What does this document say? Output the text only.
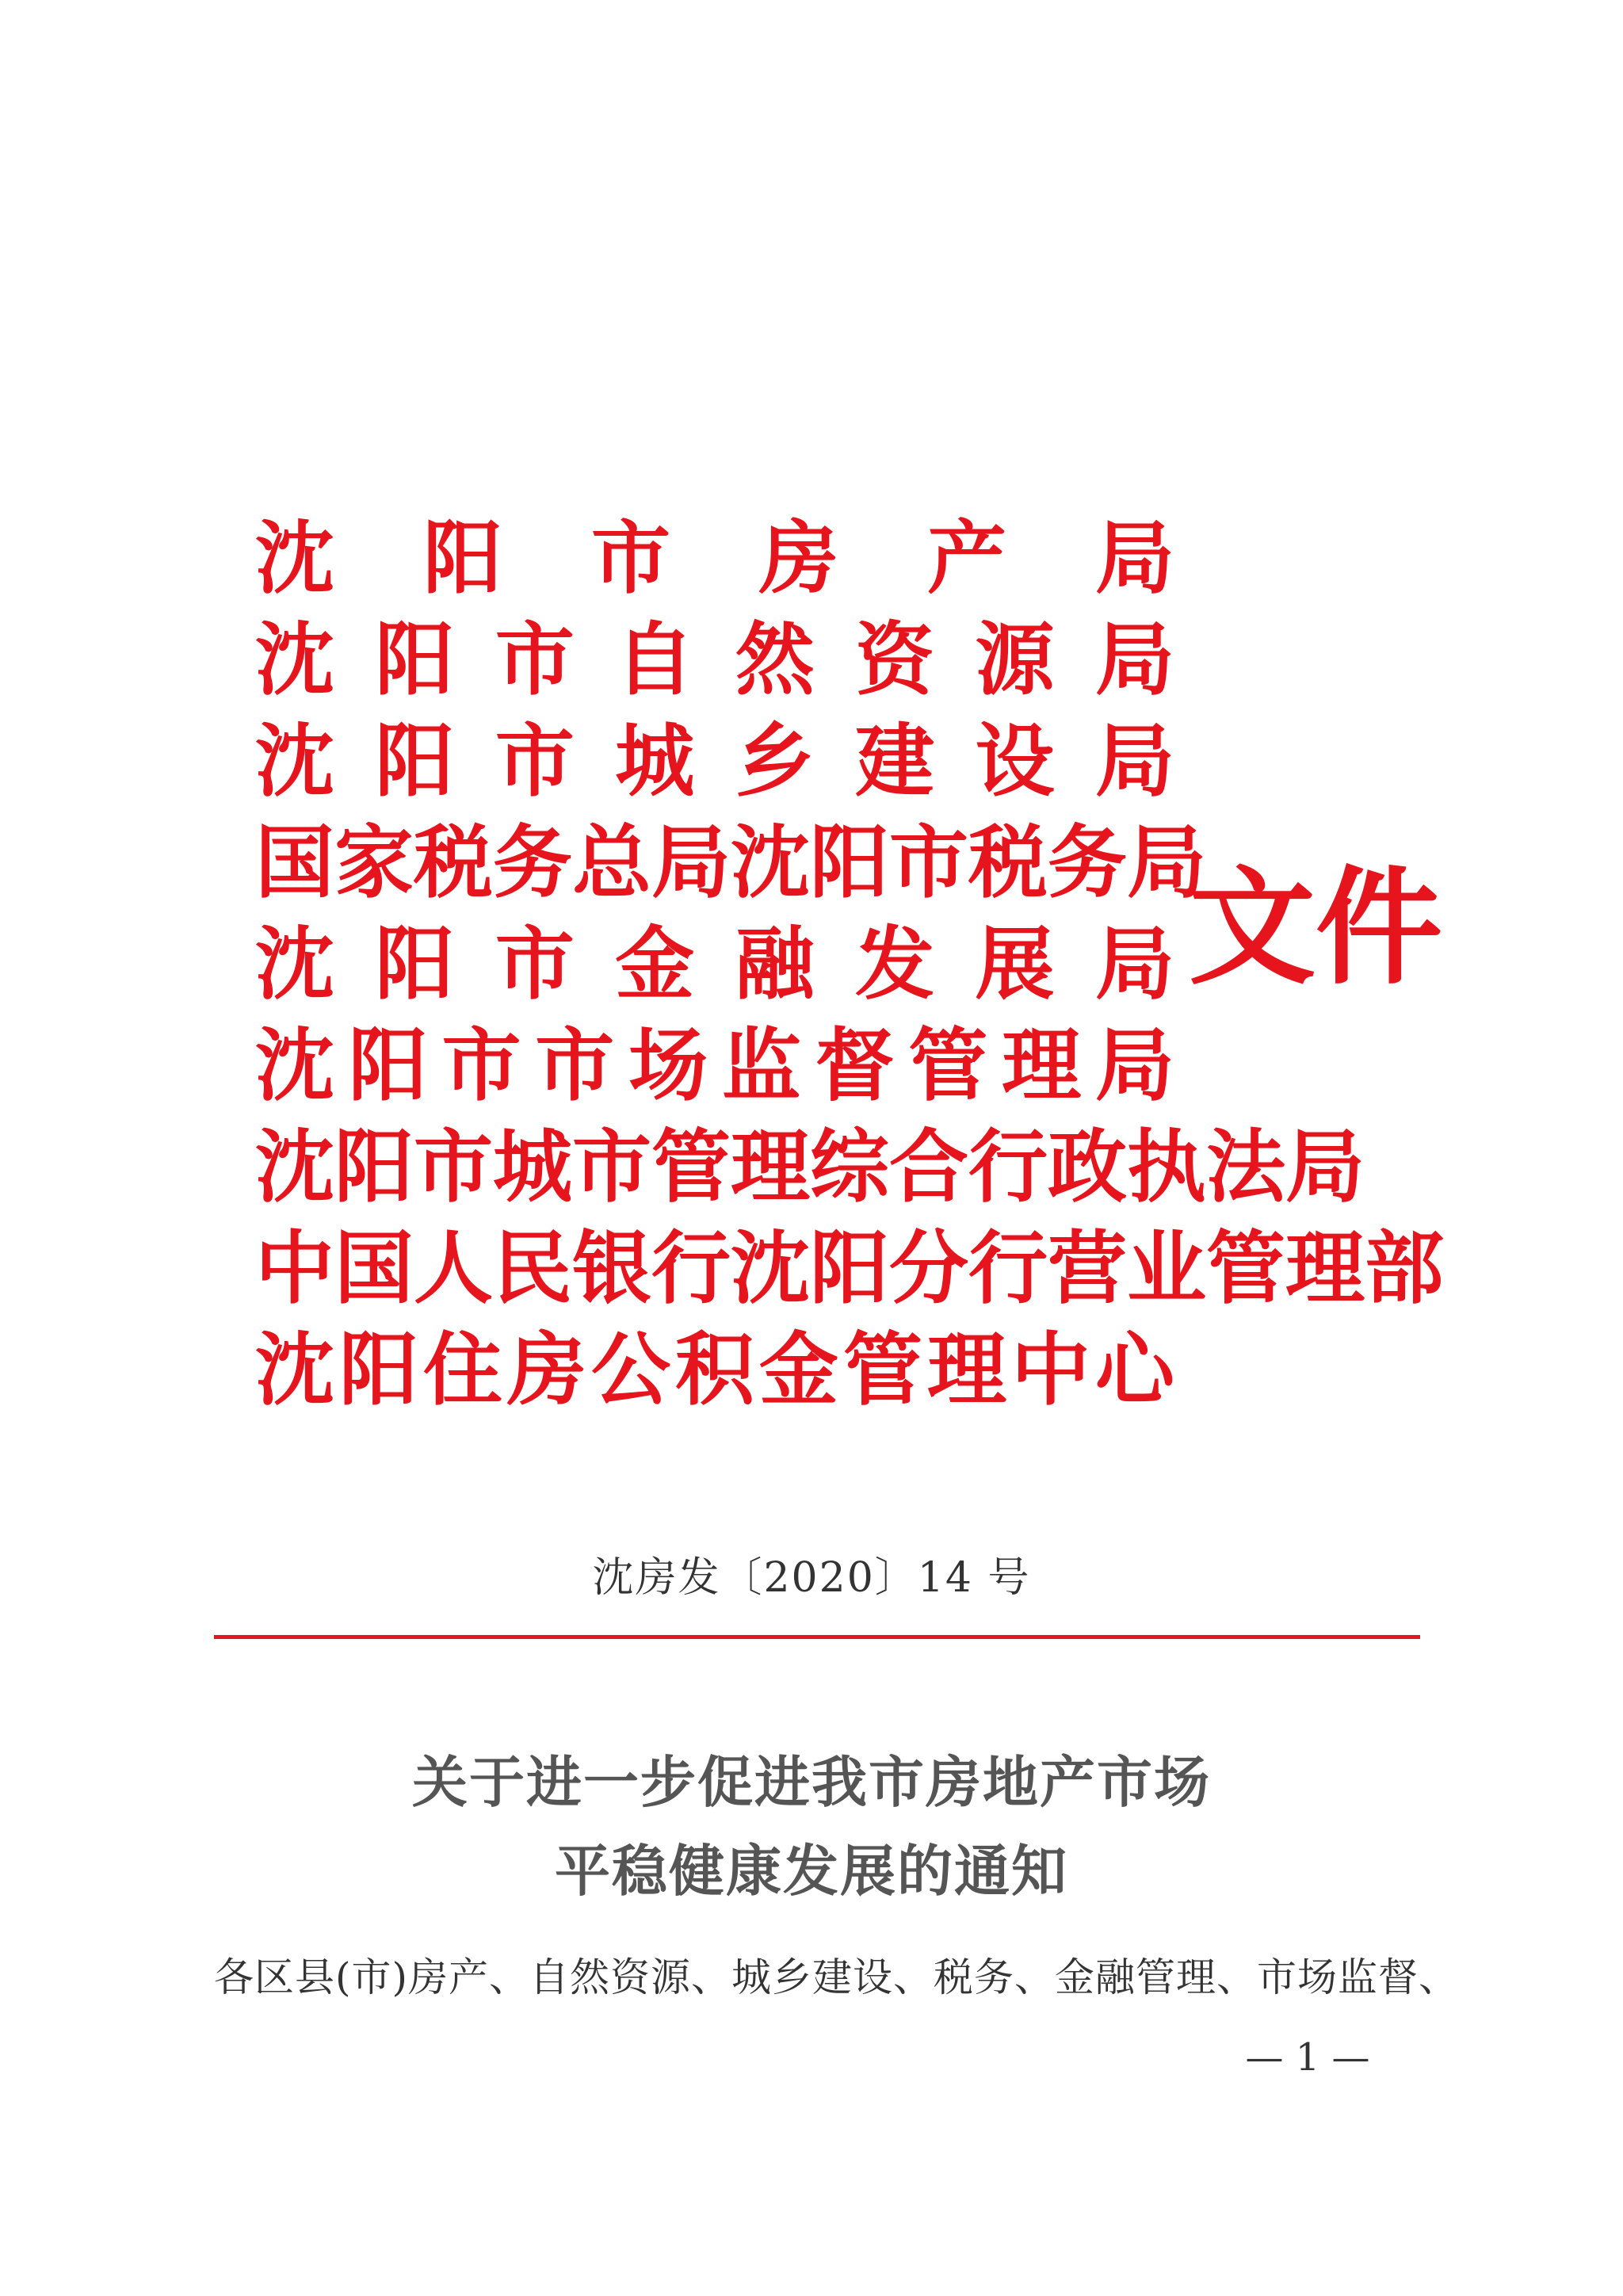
沈 阳 市 房 产 局
沈 阳 市 自 然 资 源 局
沈 阳 市 城 乡 建 设 局
国 家 税 务 总 局 沈 阳 市 税 务 局
沈 阳 市 金 融 发 展 局
沈 阳 市 市 场 监 督 管 理 局
沈 阳 市 城 市 管 理 综 合 行 政 执 法 局
中 国 人 民 银 行 沈 阳 分 行 营 业 管 理 部
沈 阳 住 房 公 积 金 管 理 中 心
文件
沈房发〔2020〕14 号
关于进一步促进我市房地产市场
平稳健康发展的通知
各区县(市)房产、自然资源、城乡建设、税务、金融管理、市场监督、
— 1 —
